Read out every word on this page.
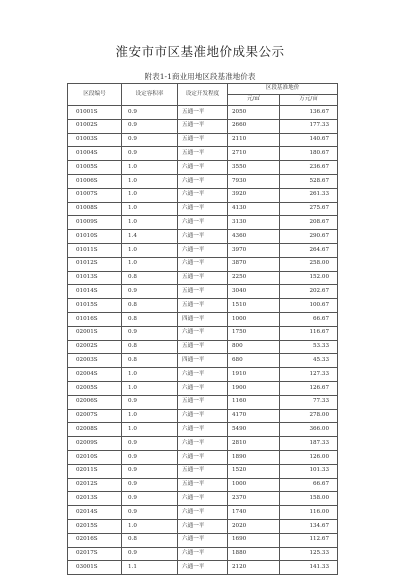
淮安市市区基准地价成果公示
附表1-1商业用地区段基准地价表
区段编号	设定容积率	设定开发程度	区段基准地价	
			元/㎡	万元/亩
01001S	0.9	五通一平	2050	136.67
01002S	0.9	五通一平	2660	177.33
01003S	0.9	五通一平	2110	140.67
01004S	0.9	五通一平	2710	180.67
01005S	1.0	六通一平	3550	236.67
01006S	1.0	六通一平	7930	528.67
01007S	1.0	六通一平	3920	261.33
01008S	1.0	六通一平	4130	275.67
01009S	1.0	六通一平	3130	208.67
01010S	1.4	六通一平	4360	290.67
01011S	1.0	六通一平	3970	264.67
01012S	1.0	六通一平	3870	258.00
01013S	0.8	五通一平	2250	152.00
01014S	0.9	五通一平	3040	202.67
01015S	0.8	五通一平	1510	100.67
01016S	0.8	四通一平	1000	66.67
02001S	0.9	六通一平	1750	116.67
02002S	0.8	五通一平	800	53.33
02003S	0.8	四通一平	680	45.33
02004S	1.0	六通一平	1910	127.33
02005S	1.0	六通一平	1900	126.67
02006S	0.9	五通一平	1160	77.33
02007S	1.0	六通一平	4170	278.00
02008S	1.0	六通一平	5490	366.00
02009S	0.9	六通一平	2810	187.33
02010S	0.9	六通一平	1890	126.00
02011S	0.9	五通一平	1520	101.33
02012S	0.9	五通一平	1000	66.67
02013S	0.9	六通一平	2370	158.00
02014S	0.9	六通一平	1740	116.00
02015S	1.0	六通一平	2020	134.67
02016S	0.8	六通一平	1690	112.67
02017S	0.9	六通一平	1880	125.33
03001S	1.1	六通一平	2120	141.33
